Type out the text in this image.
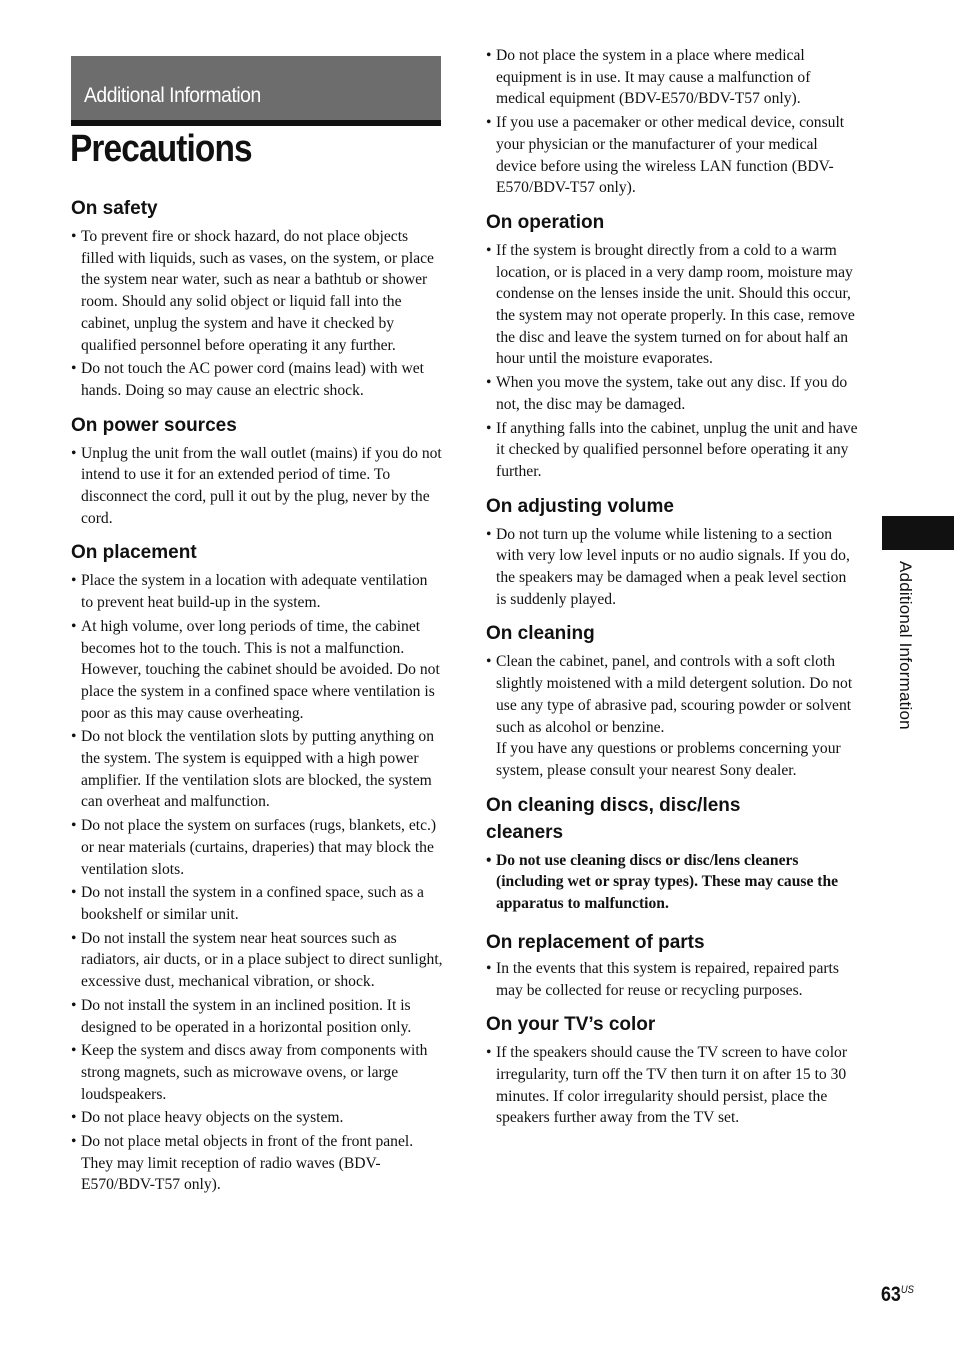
Additional Information
Precautions
On safety
• To prevent fire or shock hazard, do not place objects filled with liquids, such as vases, on the system, or place the system near water, such as near a bathtub or shower room. Should any solid object or liquid fall into the cabinet, unplug the system and have it checked by qualified personnel before operating it any further.
• Do not touch the AC power cord (mains lead) with wet hands. Doing so may cause an electric shock.
On power sources
• Unplug the unit from the wall outlet (mains) if you do not intend to use it for an extended period of time. To disconnect the cord, pull it out by the plug, never by the cord.
On placement
• Place the system in a location with adequate ventilation to prevent heat build-up in the system.
• At high volume, over long periods of time, the cabinet becomes hot to the touch. This is not a malfunction. However, touching the cabinet should be avoided. Do not place the system in a confined space where ventilation is poor as this may cause overheating.
• Do not block the ventilation slots by putting anything on the system. The system is equipped with a high power amplifier. If the ventilation slots are blocked, the system can overheat and malfunction.
• Do not place the system on surfaces (rugs, blankets, etc.) or near materials (curtains, draperies) that may block the ventilation slots.
• Do not install the system in a confined space, such as a bookshelf or similar unit.
• Do not install the system near heat sources such as radiators, air ducts, or in a place subject to direct sunlight, excessive dust, mechanical vibration, or shock.
• Do not install the system in an inclined position. It is designed to be operated in a horizontal position only.
• Keep the system and discs away from components with strong magnets, such as microwave ovens, or large loudspeakers.
• Do not place heavy objects on the system.
• Do not place metal objects in front of the front panel. They may limit reception of radio waves (BDV-E570/BDV-T57 only).
• Do not place the system in a place where medical equipment is in use. It may cause a malfunction of medical equipment (BDV-E570/BDV-T57 only).
• If you use a pacemaker or other medical device, consult your physician or the manufacturer of your medical device before using the wireless LAN function (BDV-E570/BDV-T57 only).
On operation
• If the system is brought directly from a cold to a warm location, or is placed in a very damp room, moisture may condense on the lenses inside the unit. Should this occur, the system may not operate properly. In this case, remove the disc and leave the system turned on for about half an hour until the moisture evaporates.
• When you move the system, take out any disc. If you do not, the disc may be damaged.
• If anything falls into the cabinet, unplug the unit and have it checked by qualified personnel before operating it any further.
On adjusting volume
• Do not turn up the volume while listening to a section with very low level inputs or no audio signals. If you do, the speakers may be damaged when a peak level section is suddenly played.
On cleaning
• Clean the cabinet, panel, and controls with a soft cloth slightly moistened with a mild detergent solution. Do not use any type of abrasive pad, scouring powder or solvent such as alcohol or benzine.
If you have any questions or problems concerning your system, please consult your nearest Sony dealer.
On cleaning discs, disc/lens cleaners
• Do not use cleaning discs or disc/lens cleaners (including wet or spray types). These may cause the apparatus to malfunction.
On replacement of parts
• In the events that this system is repaired, repaired parts may be collected for reuse or recycling purposes.
On your TV’s color
• If the speakers should cause the TV screen to have color irregularity, turn off the TV then turn it on after 15 to 30 minutes. If color irregularity should persist, place the speakers further away from the TV set.
Additional Information
$63^{US}$
